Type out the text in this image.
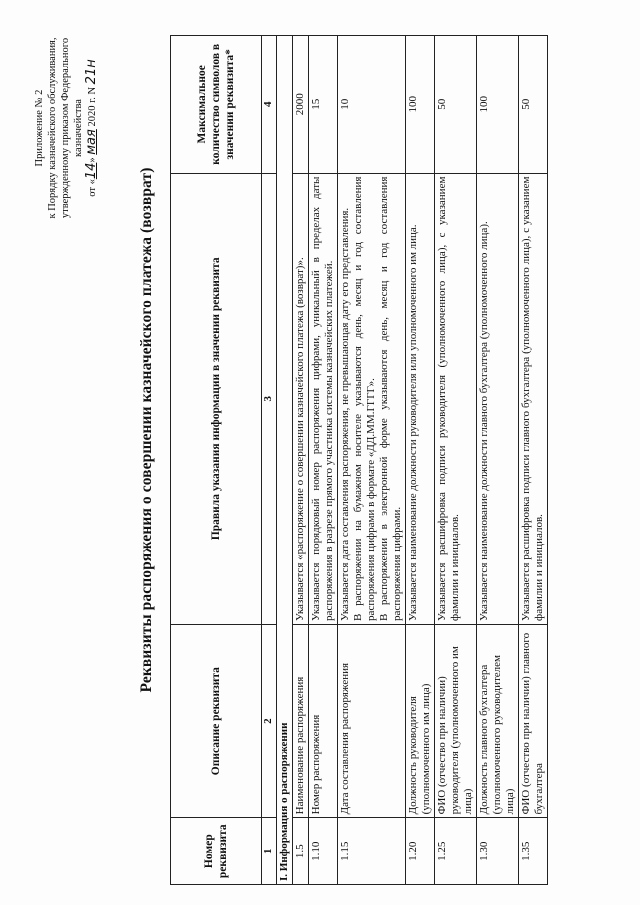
Приложение № 2 к Порядку казначейского обслуживания, утвержденному приказом Федерального казначейства
от «14» мая 2020 г. N 21н
Реквизиты распоряжения о совершении казначейского платежа (возврат)
Номер реквизита	Описание реквизита	Правила указания информации в значении реквизита	Максимальное количество символов в значении реквизита*
1	2	3	4
I. Информация о распоряжении			
1.5	Наименование распоряжения	Указывается «распоряжение о совершении казначейского платежа (возврат)».	2000
1.10	Номер распоряжения	Указывается порядковый номер распоряжения цифрами, уникальный в пределах даты распоряжения в разрезе прямого участника системы казначейских платежей.	15
1.15	Дата составления распоряжения	Указывается дата составления распоряжения, не превышающая дату его представления. В распоряжении на бумажном носителе указываются день, месяц и год составления распоряжения цифрами в формате «ДД.ММ.ГГГГ». В распоряжении в электронной форме указываются день, месяц и год составления распоряжения цифрами.	10
1.20	Должность руководителя (уполномоченного им лица)	Указывается наименование должности руководителя или уполномоченного им лица.	100
1.25	ФИО (отчество при наличии) руководителя (уполномоченного им лица)	Указывается расшифровка подписи руководителя (уполномоченного лица), с указанием фамилии и инициалов.	50
1.30	Должность главного бухгалтера (уполномоченного руководителем лица)	Указывается наименование должности главного бухгалтера (уполномоченного лица).	100
1.35	ФИО (отчество при наличии) главного бухгалтера	Указывается расшифровка подписи главного бухгалтера (уполномоченного лица), с указанием фамилии и инициалов.	50
